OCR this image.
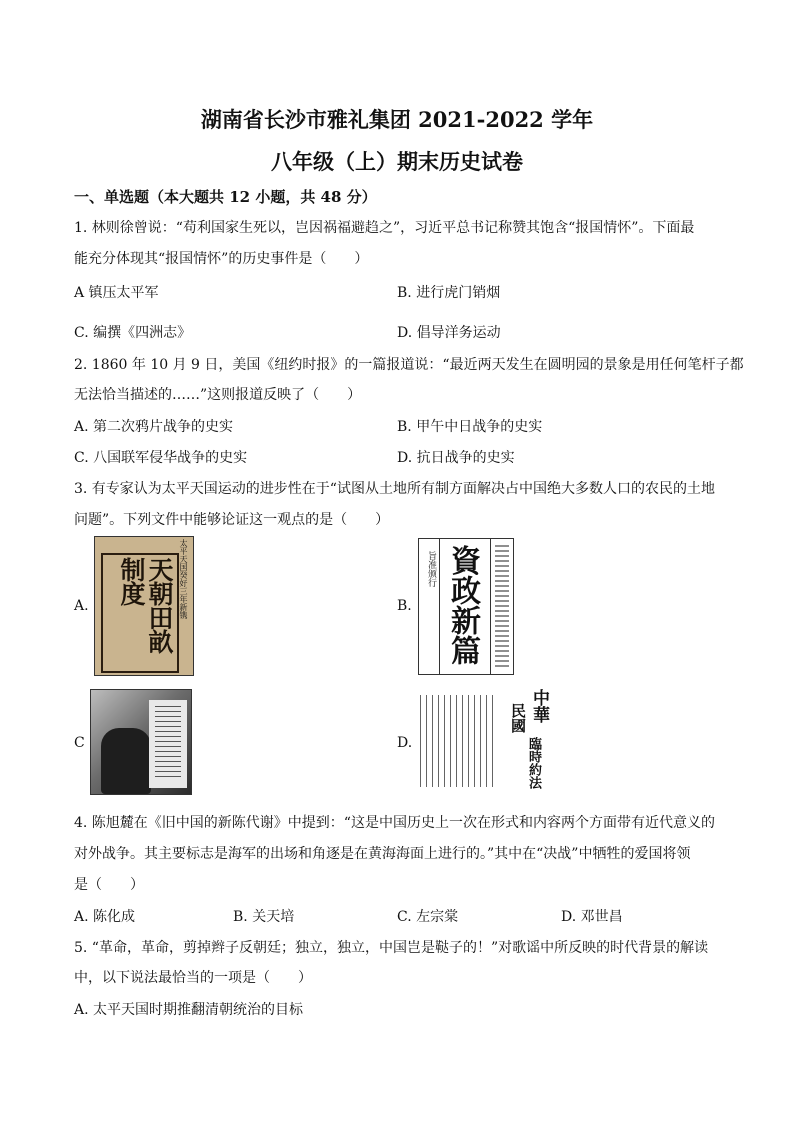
湖南省长沙市雅礼集团 2021-2022 学年
八年级（上）期末历史试卷
一、单选题（本大题共 12 小题，共 48 分）
1. 林则徐曾说：“苟利国家生死以，岂因祸福避趋之”，习近平总书记称赞其饱含“报国情怀”。下面最
能充分体现其“报国情怀”的历史事件是（　　）
A 镇压太平军	B. 进行虎门销烟
C. 编撰《四洲志》	D. 倡导洋务运动
2. 1860 年 10 月 9 日，美国《纽约时报》的一篇报道说：“最近两天发生在圆明园的景象是用任何笔杆子都
无法恰当描述的……”这则报道反映了（　　）
A. 第二次鸦片战争的史实	B. 甲午中日战争的史实
C. 八国联军侵华战争的史实	D. 抗日战争的史实
3. 有专家认为太平天国运动的进步性在于“试图从土地所有制方面解决占中国绝大多数人口的农民的土地
问题”。下列文件中能够论证这一观点的是（　　）
A.	太平天国癸好三年新镌
天朝田畝制度
B.
旨准颁行 資政新篇
C	D.
中華
民國
臨時約法
4. 陈旭麓在《旧中国的新陈代谢》中提到：“这是中国历史上一次在形式和内容两个方面带有近代意义的
对外战争。其主要标志是海军的出场和角逐是在黄海海面上进行的。”其中在“决战”中牺牲的爱国将领
是（　　）
A. 陈化成	B. 关天培	C. 左宗棠	D. 邓世昌
5. “革命，革命，剪掉辫子反朝廷；独立，独立，中国岂是鞑子的！”对歌谣中所反映的时代背景的解读
中，以下说法最恰当的一项是（　　）
A. 太平天国时期推翻清朝统治的目标
